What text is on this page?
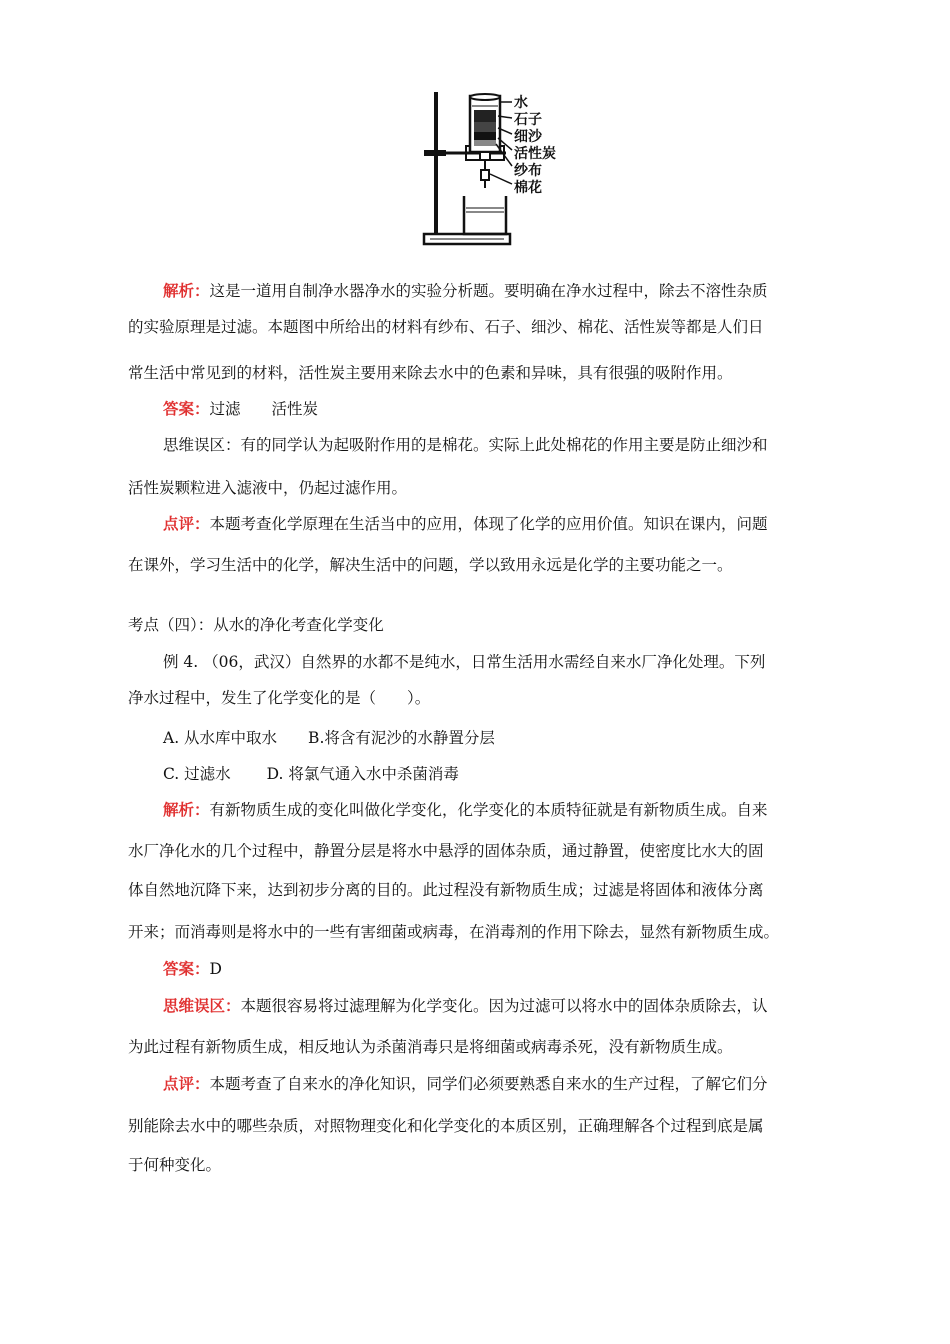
水
石子
细沙
活性炭
纱布
棉花
解析：这是一道用自制净水器净水的实验分析题。要明确在净水过程中，除去不溶性杂质
的实验原理是过滤。本题图中所给出的材料有纱布、石子、细沙、棉花、活性炭等都是人们日
常生活中常见到的材料，活性炭主要用来除去水中的色素和异味，具有很强的吸附作用。
答案：过滤　　活性炭
思维误区：有的同学认为起吸附作用的是棉花。实际上此处棉花的作用主要是防止细沙和
活性炭颗粒进入滤液中，仍起过滤作用。
点评：本题考查化学原理在生活当中的应用，体现了化学的应用价值。知识在课内，问题
在课外，学习生活中的化学，解决生活中的问题，学以致用永远是化学的主要功能之一。
考点（四）：从水的净化考查化学变化
例 4. （06，武汉）自然界的水都不是纯水，日常生活用水需经自来水厂净化处理。下列
净水过程中，发生了化学变化的是（　　）。
A. 从水库中取水　　B.将含有泥沙的水静置分层
C. 过滤水　　 D. 将氯气通入水中杀菌消毒
解析：有新物质生成的变化叫做化学变化，化学变化的本质特征就是有新物质生成。自来
水厂净化水的几个过程中，静置分层是将水中悬浮的固体杂质，通过静置，使密度比水大的固
体自然地沉降下来，达到初步分离的目的。此过程没有新物质生成；过滤是将固体和液体分离
开来；而消毒则是将水中的一些有害细菌或病毒，在消毒剂的作用下除去，显然有新物质生成。
答案：D
思维误区：本题很容易将过滤理解为化学变化。因为过滤可以将水中的固体杂质除去，认
为此过程有新物质生成，相反地认为杀菌消毒只是将细菌或病毒杀死，没有新物质生成。
点评：本题考查了自来水的净化知识，同学们必须要熟悉自来水的生产过程，了解它们分
别能除去水中的哪些杂质，对照物理变化和化学变化的本质区别，正确理解各个过程到底是属
于何种变化。
